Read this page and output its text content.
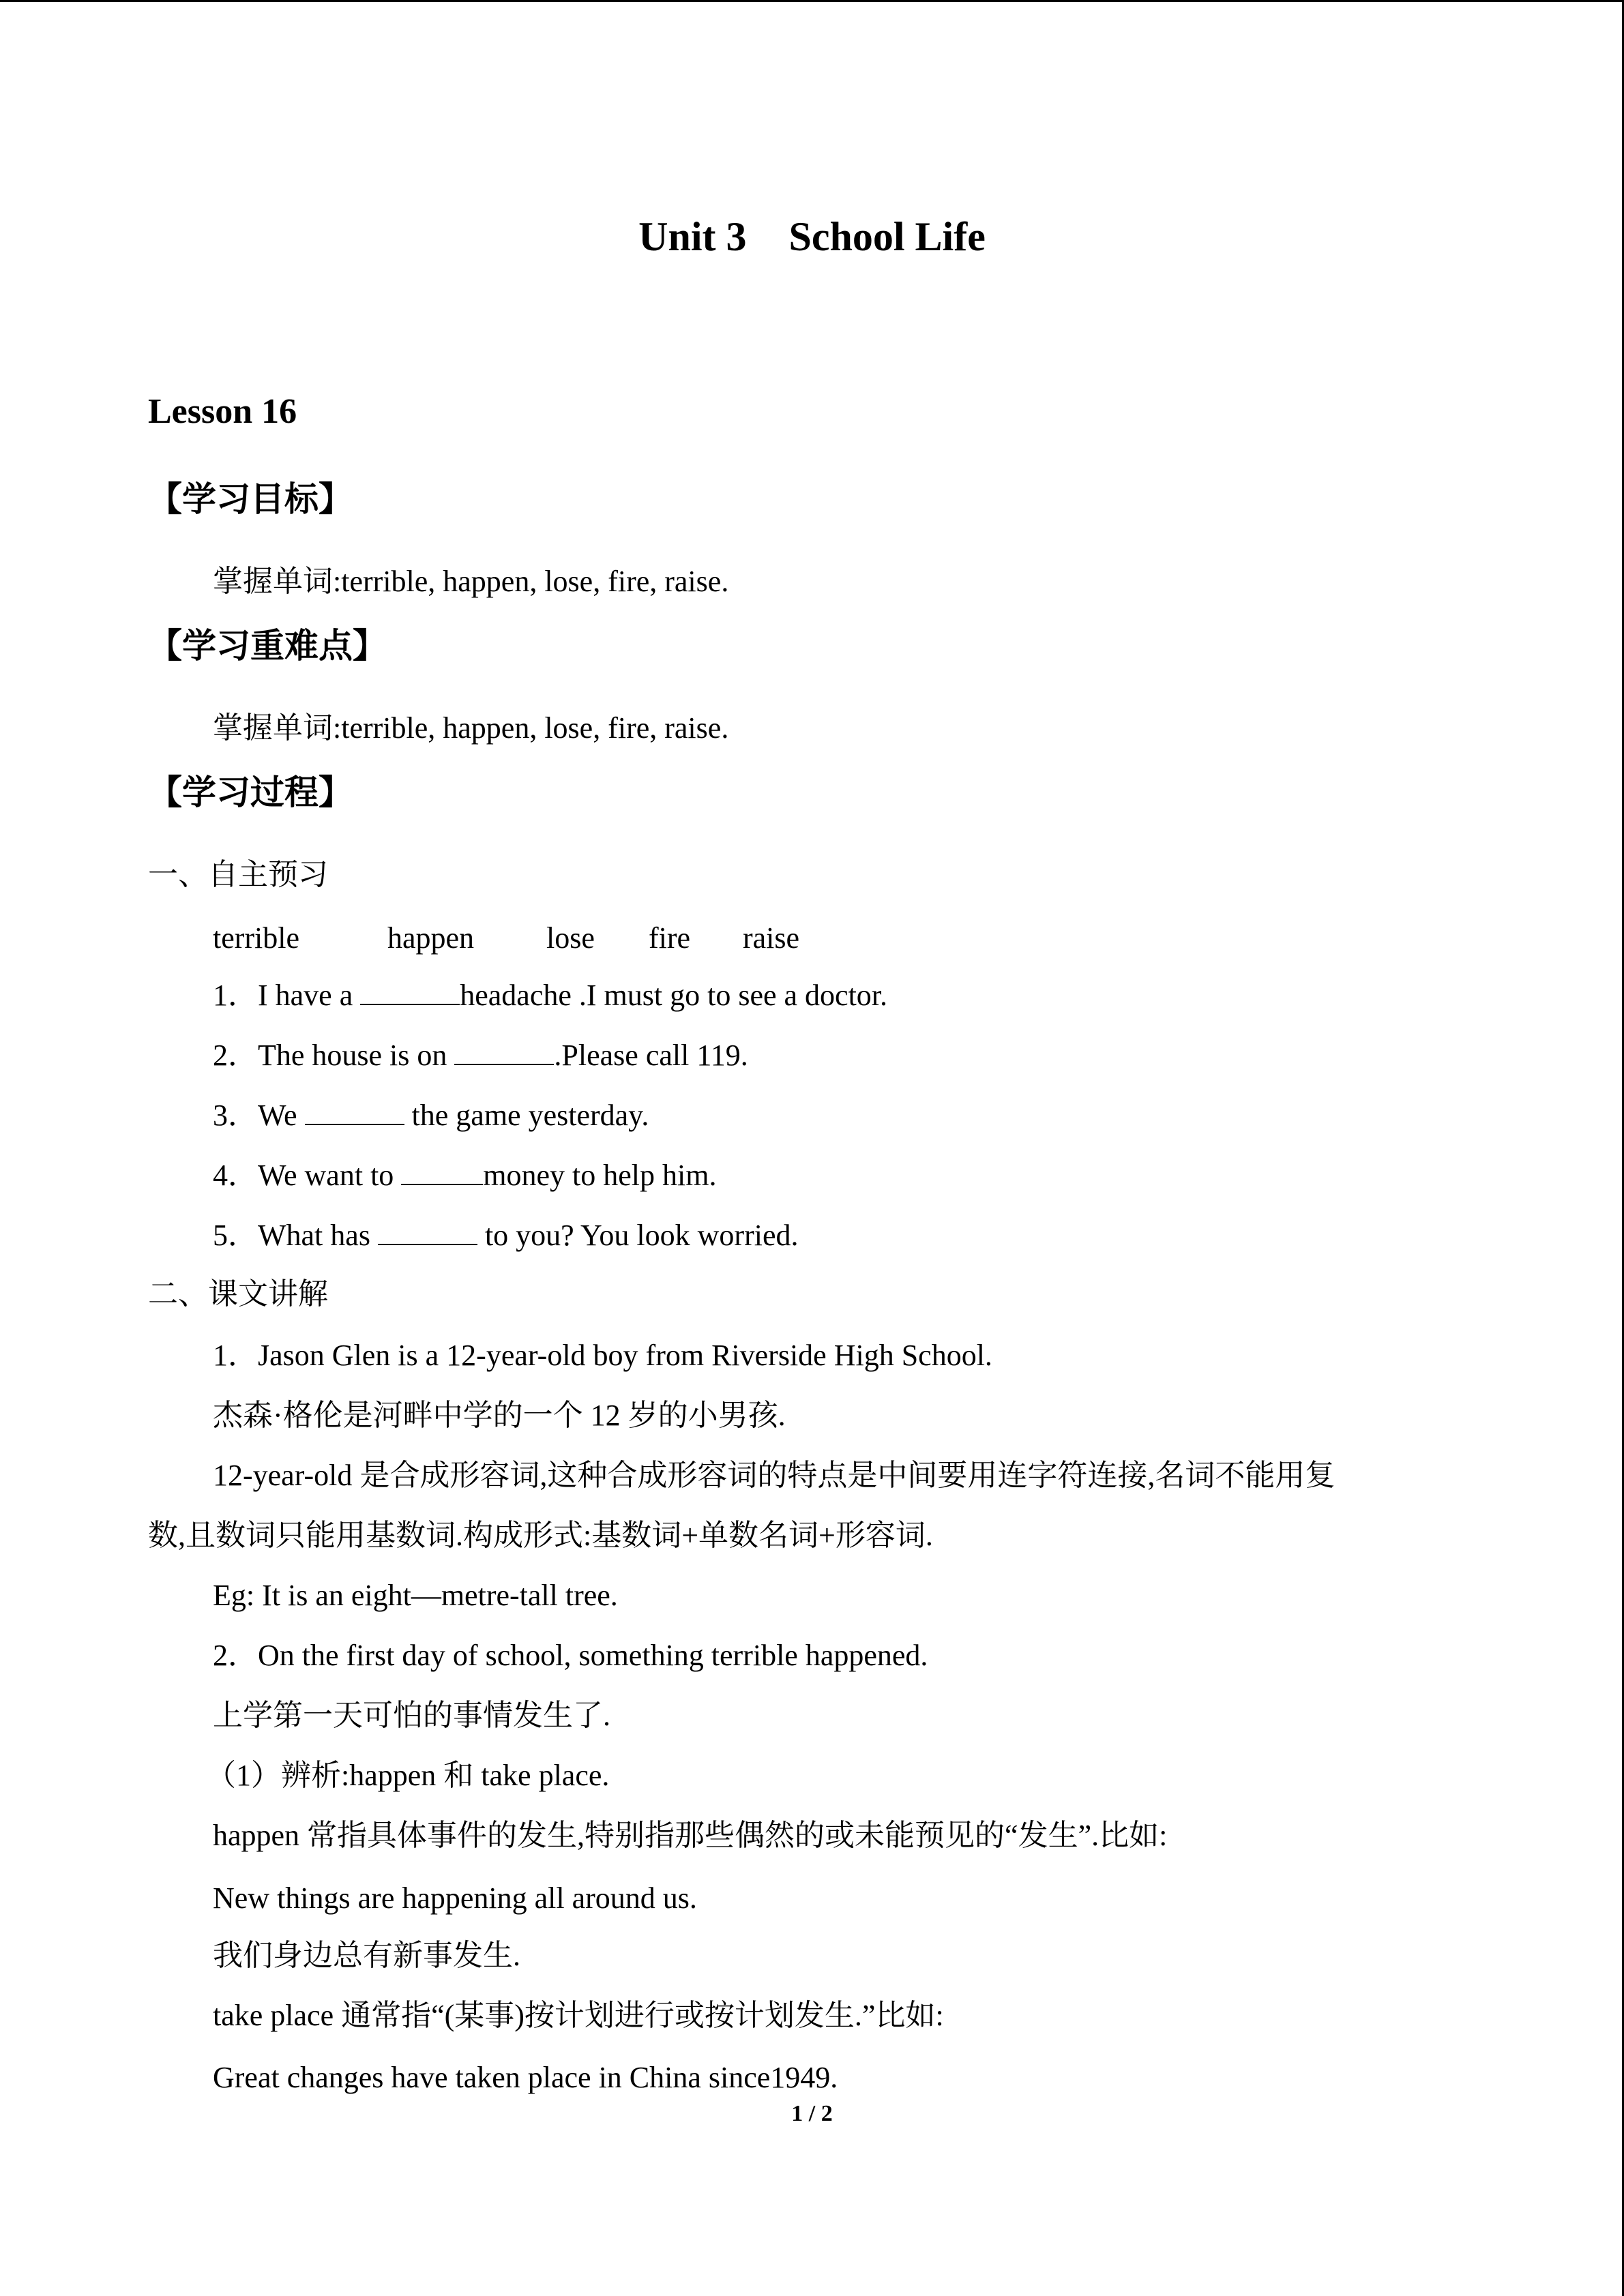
Unit 3 School Life
Lesson 16
【学习目标】
掌握单词:terrible, happen, lose, fire, raise.
【学习重难点】
掌握单词:terrible, happen, lose, fire, raise.
【学习过程】
一、自主预习
terrible	happen lose fire raise
1．I have a	headache .I must go to see a doctor.
2．The house is on	.Please call 119.
3．We	the game yesterday.
4．We want to	money to help him.
5．What has	to you? You look worried.
二、课文讲解
1．Jason Glen is a 12-year-old boy from Riverside High School.
杰森·格伦是河畔中学的一个 12 岁的小男孩.
12-year-old 是合成形容词,这种合成形容词的特点是中间要用连字符连接,名词不能用复
数,且数词只能用基数词.构成形式:基数词+单数名词+形容词.
Eg: It is an eight—metre-tall tree.
2．On the first day of school, something terrible happened.
上学第一天可怕的事情发生了.
（1）辨析:happen 和 take place.
happen 常指具体事件的发生,特别指那些偶然的或未能预见的“发生”.比如:
New things are happening all around us.
我们身边总有新事发生.
take place 通常指“(某事)按计划进行或按计划发生.”比如:
Great changes have taken place in China since1949.
1 / 2
